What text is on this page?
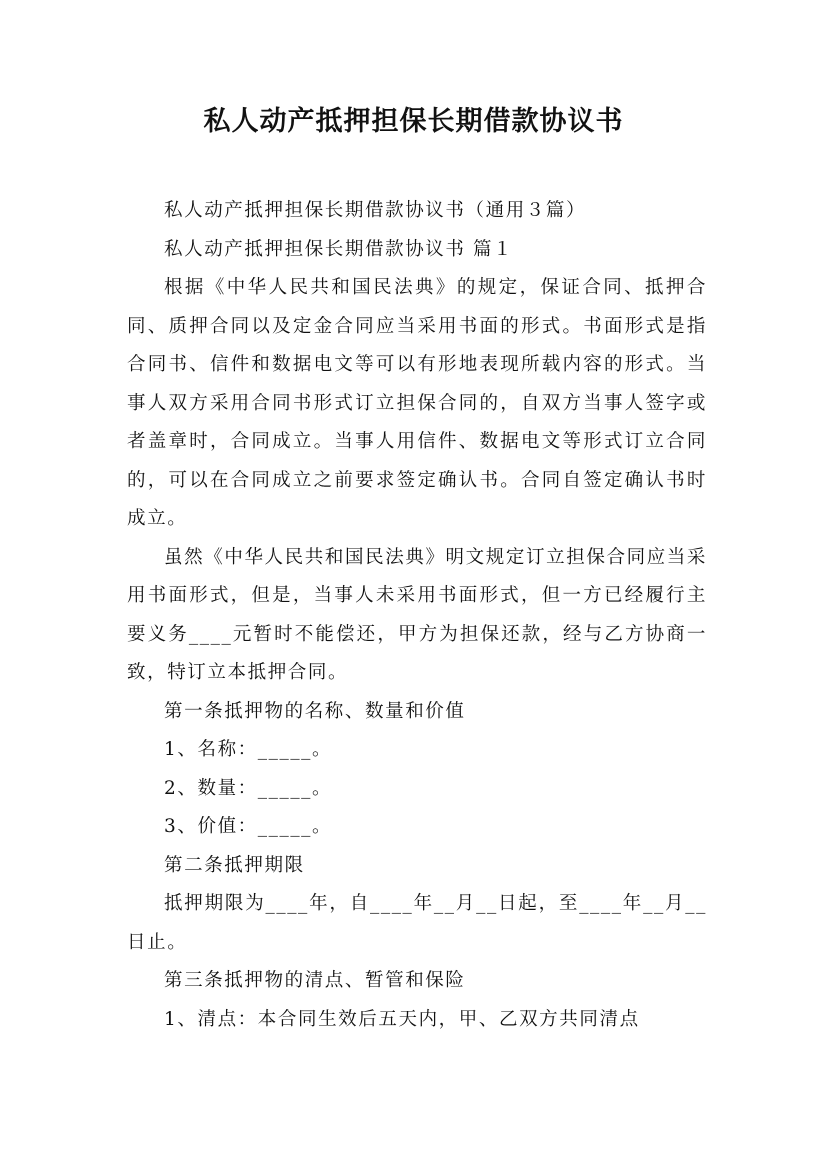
私人动产抵押担保长期借款协议书

私人动产抵押担保长期借款协议书（通用３篇）

私人动产抵押担保长期借款协议书 篇１

根据《中华人民共和国民法典》的规定，保证合同、抵押合同、质押合同以及定金合同应当采用书面的形式。书面形式是指合同书、信件和数据电文等可以有形地表现所载内容的形式。当事人双方采用合同书形式订立担保合同的，自双方当事人签字或者盖章时，合同成立。当事人用信件、数据电文等形式订立合同的，可以在合同成立之前要求签定确认书。合同自签定确认书时成立。

虽然《中华人民共和国民法典》明文规定订立担保合同应当采用书面形式，但是，当事人未采用书面形式，但一方已经履行主要义务____元暂时不能偿还，甲方为担保还款，经与乙方协商一致，特订立本抵押合同。

第一条抵押物的名称、数量和价值

1、名称：_____。

2、数量：_____。

3、价值：_____。

第二条抵押期限

抵押期限为____年，自____年__月__日起，至____年__月__日止。

第三条抵押物的清点、暂管和保险

1、清点：本合同生效后五天内，甲、乙双方共同清点
